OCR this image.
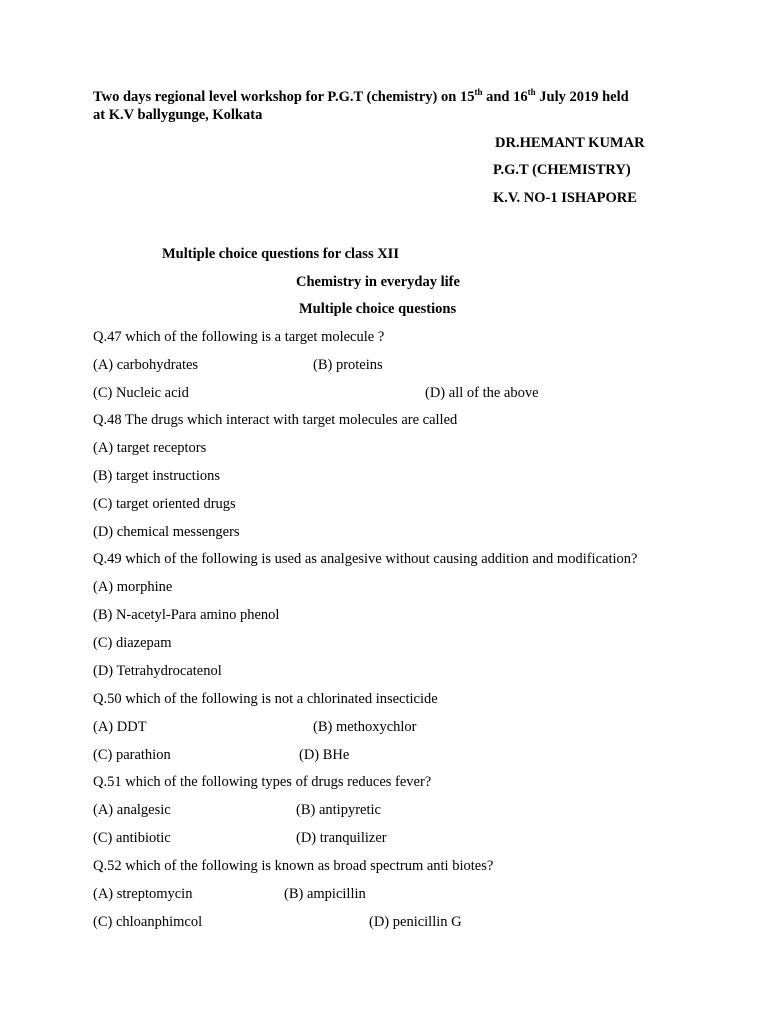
Two days regional level workshop for P.G.T (chemistry) on 15th and 16th July 2019 held
at K.V ballygunge, Kolkata
DR.HEMANT KUMAR
P.G.T (CHEMISTRY)
K.V. NO-1 ISHAPORE
Multiple choice questions for class XII
Chemistry in everyday life
Multiple choice questions
Q.47 which of the following is a target molecule ?
(A) carbohydrates	(B) proteins
(C) Nucleic acid	(D) all of the above
Q.48 The drugs which interact with target molecules are called
(A) target receptors
(B) target instructions
(C) target oriented drugs
(D) chemical messengers
Q.49 which of the following is used as analgesive without causing addition and modification?
(A) morphine
(B) N-acetyl-Para amino phenol
(C) diazepam
(D) Tetrahydrocatenol
Q.50 which of the following is not a chlorinated insecticide
(A) DDT	(B) methoxychlor
(C) parathion	(D) BHe
Q.51 which of the following types of drugs reduces fever?
(A) analgesic	(B) antipyretic
(C) antibiotic	(D) tranquilizer
Q.52 which of the following is known as broad spectrum anti biotes?
(A) streptomycin	(B) ampicillin
(C) chloanphimcol	(D) penicillin G
